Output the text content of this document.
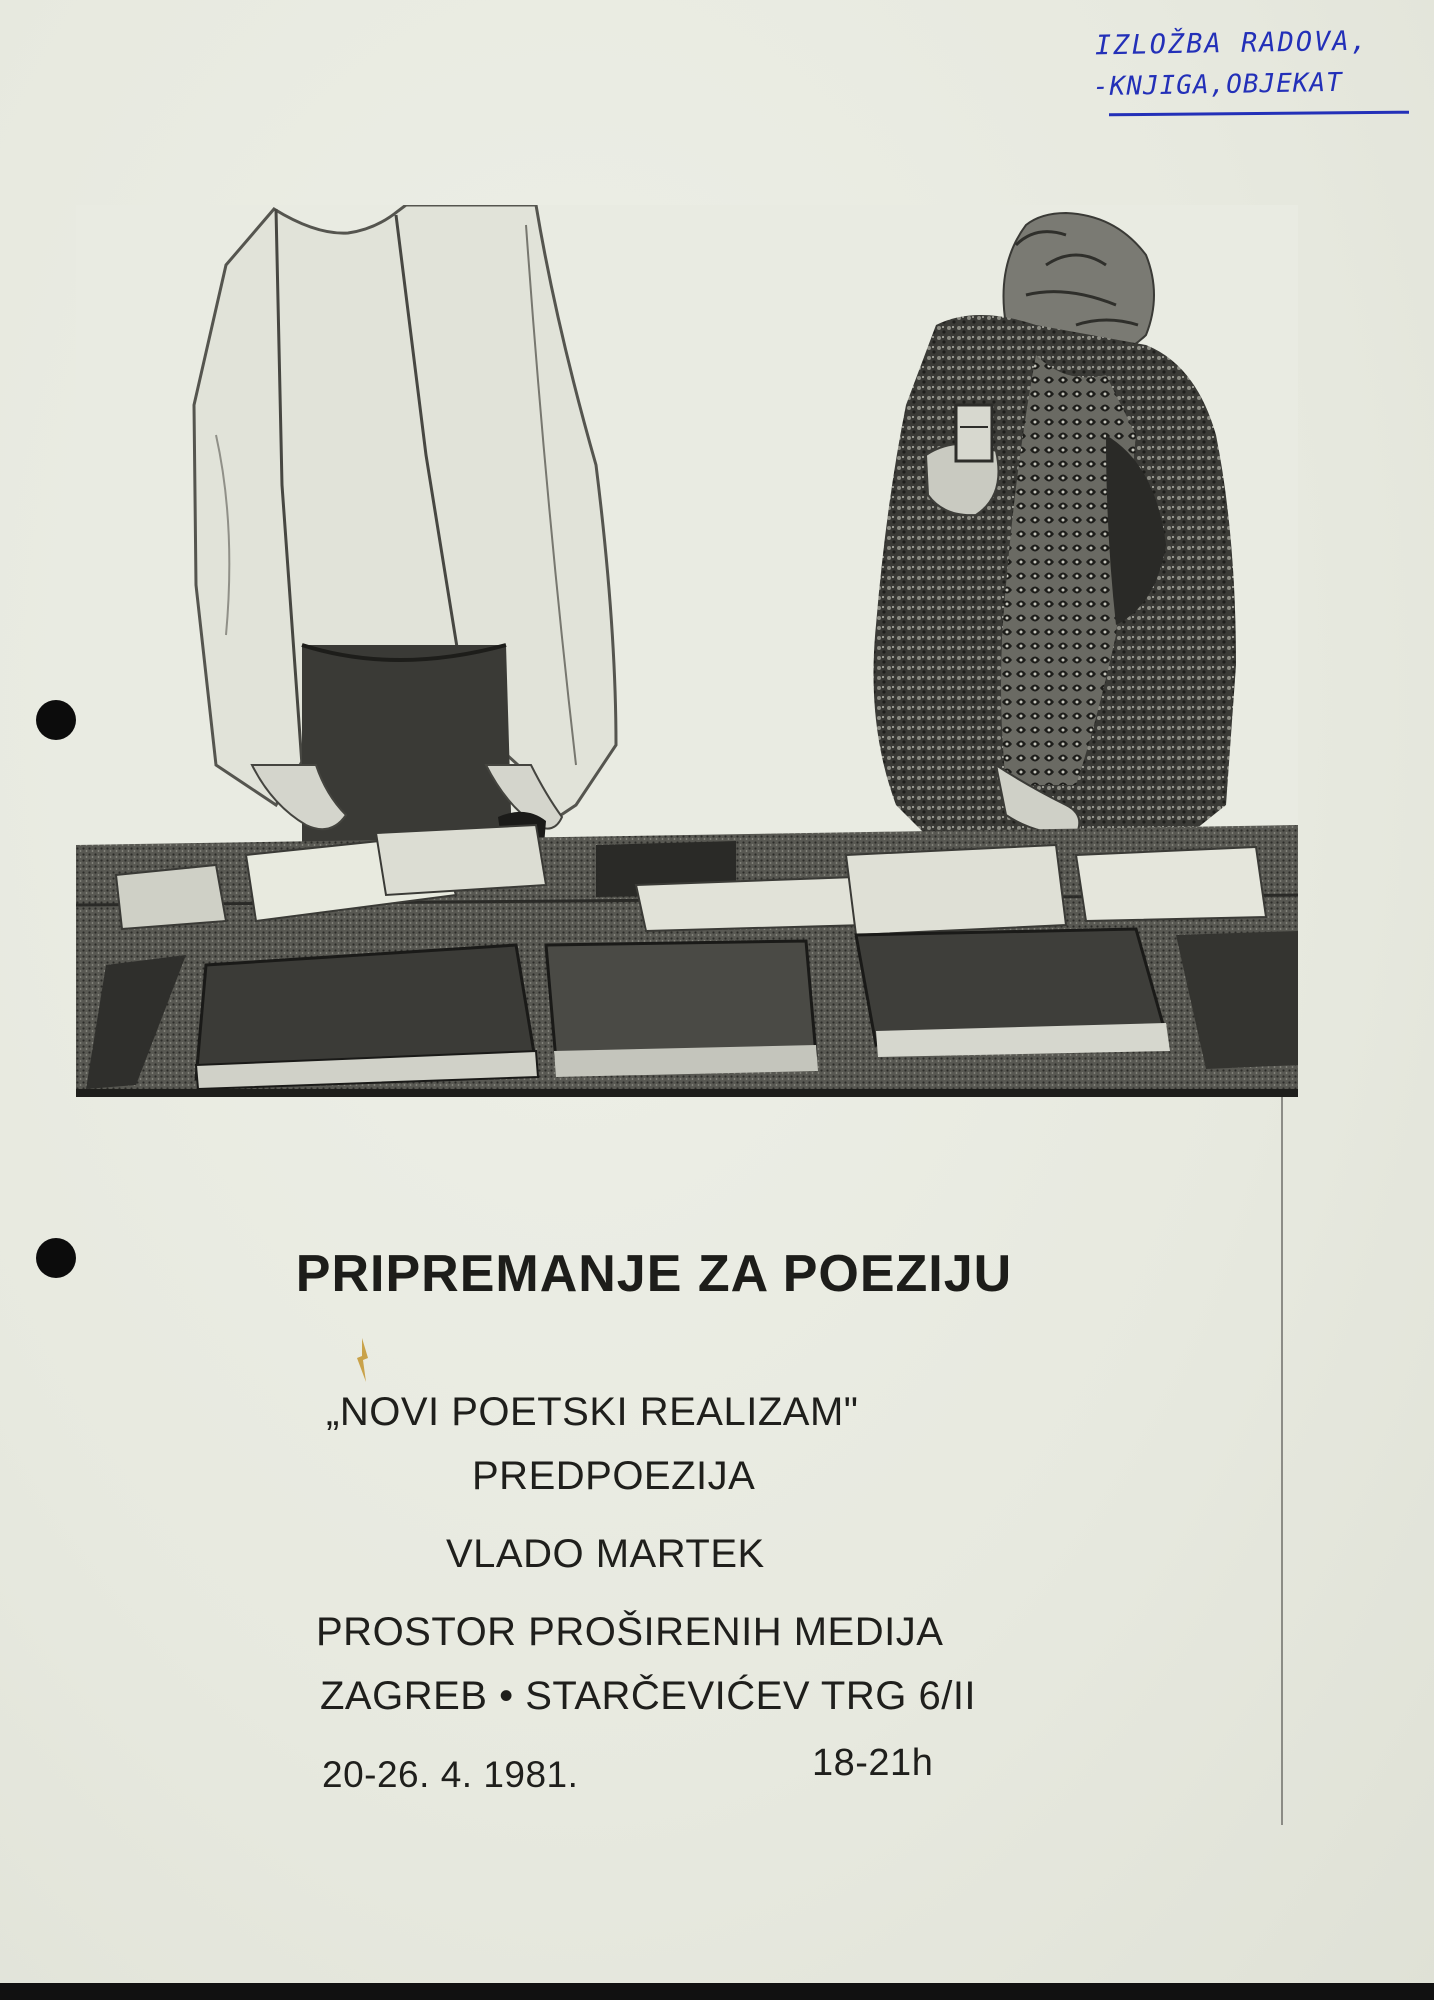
IZLOŽBA RADOVA,
-KNJIGA,OBJEKAT
PRIPREMANJE ZA POEZIJU
„NOVI POETSKI REALIZAM"
PREDPOEZIJA
VLADO MARTEK
PROSTOR PROŠIRENIH MEDIJA
ZAGREB • STARČEVIĆEV TRG 6/II
20-26. 4. 1981.	18-21h
